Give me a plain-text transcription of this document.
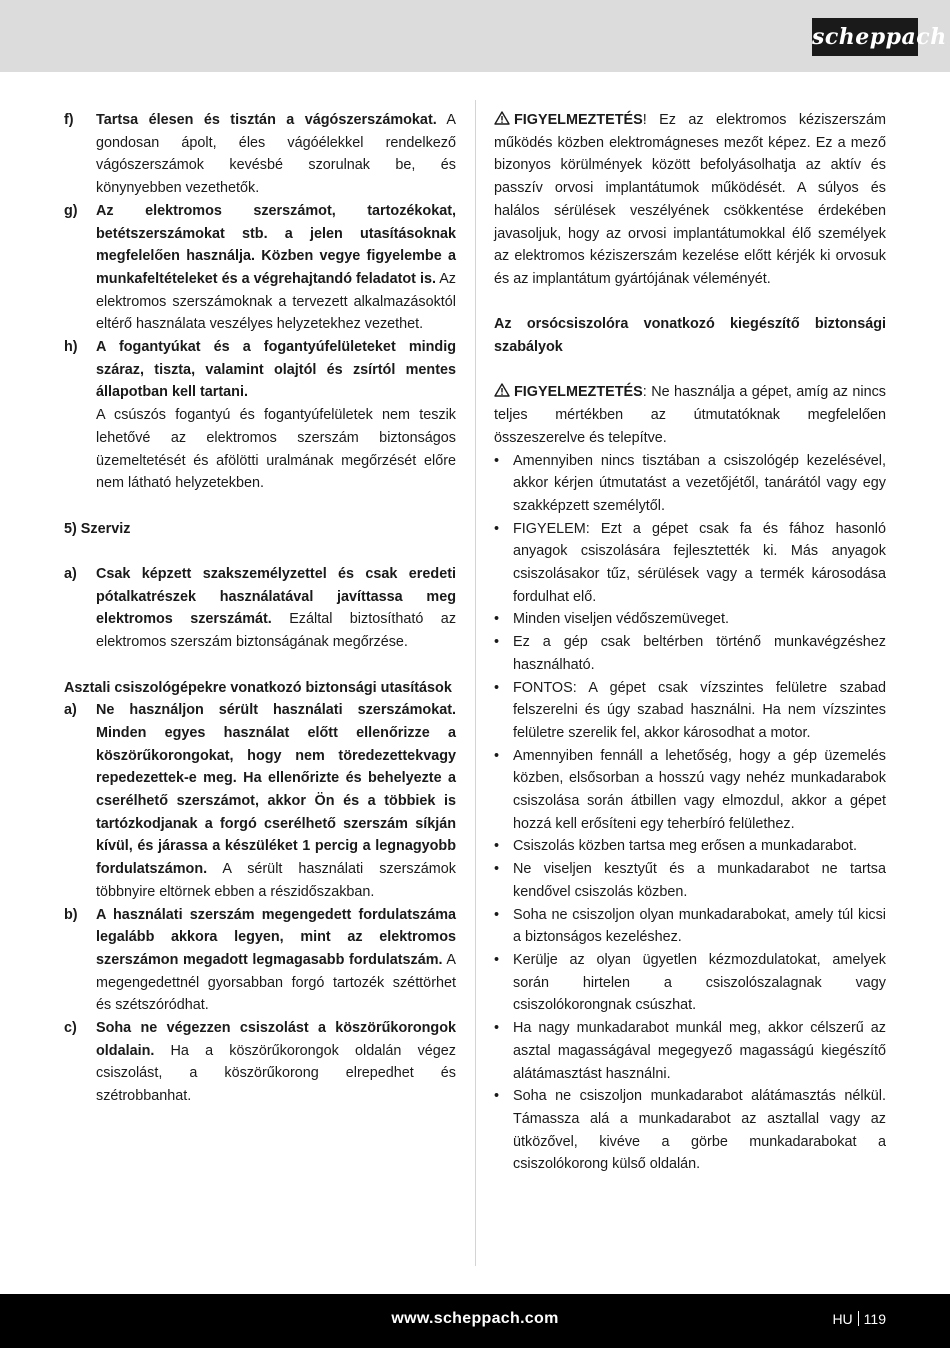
scheppach
f)	Tartsa élesen és tisztán a vágószerszámokat. A gondosan ápolt, éles vágóélekkel rendelkező vágószerszámok kevésbé szorulnak be, és könynyebben vezethetők.
g)	Az elektromos szerszámot, tartozékokat, betétszerszámokat stb. a jelen utasításoknak megfelelően használja. Közben vegye figyelembe a munkafeltételeket és a végrehajtandó feladatot is. Az elektromos szerszámoknak a tervezett alkalmazásoktól eltérő használata veszélyes helyzetekhez vezethet.
h)	A fogantyúkat és a fogantyúfelületeket mindig száraz, tiszta, valamint olajtól és zsírtól mentes állapotban kell tartani.
A csúszós fogantyú és fogantyúfelületek nem teszik lehetővé az elektromos szerszám biztonságos üzemeltetését és afölötti uralmának megőrzését előre nem látható helyzetekben.
5) Szerviz
a)	Csak képzett szakszemélyzettel és csak eredeti pótalkatrészek használatával javíttassa meg elektromos szerszámát. Ezáltal biztosítható az elektromos szerszám biztonságának megőrzése.
Asztali csiszológépekre vonatkozó biztonsági utasítások
a)	Ne használjon sérült használati szerszámokat. Minden egyes használat előtt ellenőrizze a köszörűkorongokat, hogy nem töredezettekvagy repedezettek-e meg. Ha ellenőrizte és behelyezte a cserélhető szerszámot, akkor Ön és a többiek is tartózkodjanak a forgó cserélhető szerszám síkján kívül, és járassa a készüléket 1 percig a legnagyobb fordulatszámon. A sérült használati szerszámok többnyire eltörnek ebben a részidőszakban.
b)	A használati szerszám megengedett fordulatszáma legalább akkora legyen, mint az elektromos szerszámon megadott legmagasabb fordulatszám. A megengedettnél gyorsabban forgó tartozék széttörhet és szétszóródhat.
c)	Soha ne végezzen csiszolást a köszörűkorongok oldalain. Ha a köszörűkorongok oldalán végez csiszolást, a köszörűkorong elrepedhet és szétrobbanhat.
FIGYELMEZTETÉS! Ez az elektromos kéziszerszám működés közben elektromágneses mezőt képez. Ez a mező bizonyos körülmények között befolyásolhatja az aktív és passzív orvosi implantátumok működését. A súlyos és halálos sérülések veszélyének csökkentése érdekében javasoljuk, hogy az orvosi implantátumokkal élő személyek az elektromos kéziszerszám kezelése előtt kérjék ki orvosuk és az implantátum gyártójának véleményét.
Az orsócsiszolóra vonatkozó kiegészítő biztonsági szabályok
FIGYELMEZTETÉS: Ne használja a gépet, amíg az nincs teljes mértékben az útmutatóknak megfelelően összeszerelve és telepítve.
• Amennyiben nincs tisztában a csiszológép kezelésével, akkor kérjen útmutatást a vezetőjétől, tanárától vagy egy szakképzett személytől.
• FIGYELEM: Ezt a gépet csak fa és fához hasonló anyagok csiszolására fejlesztették ki. Más anyagok csiszolásakor tűz, sérülések vagy a termék károsodása fordulhat elő.
• Minden viseljen védőszemüveget.
• Ez a gép csak beltérben történő munkavégzéshez használható.
• FONTOS: A gépet csak vízszintes felületre szabad felszerelni és úgy szabad használni. Ha nem vízszintes felületre szerelik fel, akkor károsodhat a motor.
• Amennyiben fennáll a lehetőség, hogy a gép üzemelés közben, elsősorban a hosszú vagy nehéz munkadarabok csiszolása során átbillen vagy elmozdul, akkor a gépet hozzá kell erősíteni egy teherbíró felülethez.
• Csiszolás közben tartsa meg erősen a munkadarabot.
• Ne viseljen kesztyűt és a munkadarabot ne tartsa kendővel csiszolás közben.
• Soha ne csiszoljon olyan munkadarabokat, amely túl kicsi a biztonságos kezeléshez.
• Kerülje az olyan ügyetlen kézmozdulatokat, amelyek során hirtelen a csiszolószalagnak vagy csiszolókorongnak csúszhat.
• Ha nagy munkadarabot munkál meg, akkor célszerű az asztal magasságával megegyező magasságú kiegészítő alátámasztást használni.
• Soha ne csiszoljon munkadarabot alátámasztás nélkül. Támassza alá a munkadarabot az asztallal vagy az ütközővel, kivéve a görbe munkadarabokat a csiszolókorong külső oldalán.
www.scheppach.com	HU 119
